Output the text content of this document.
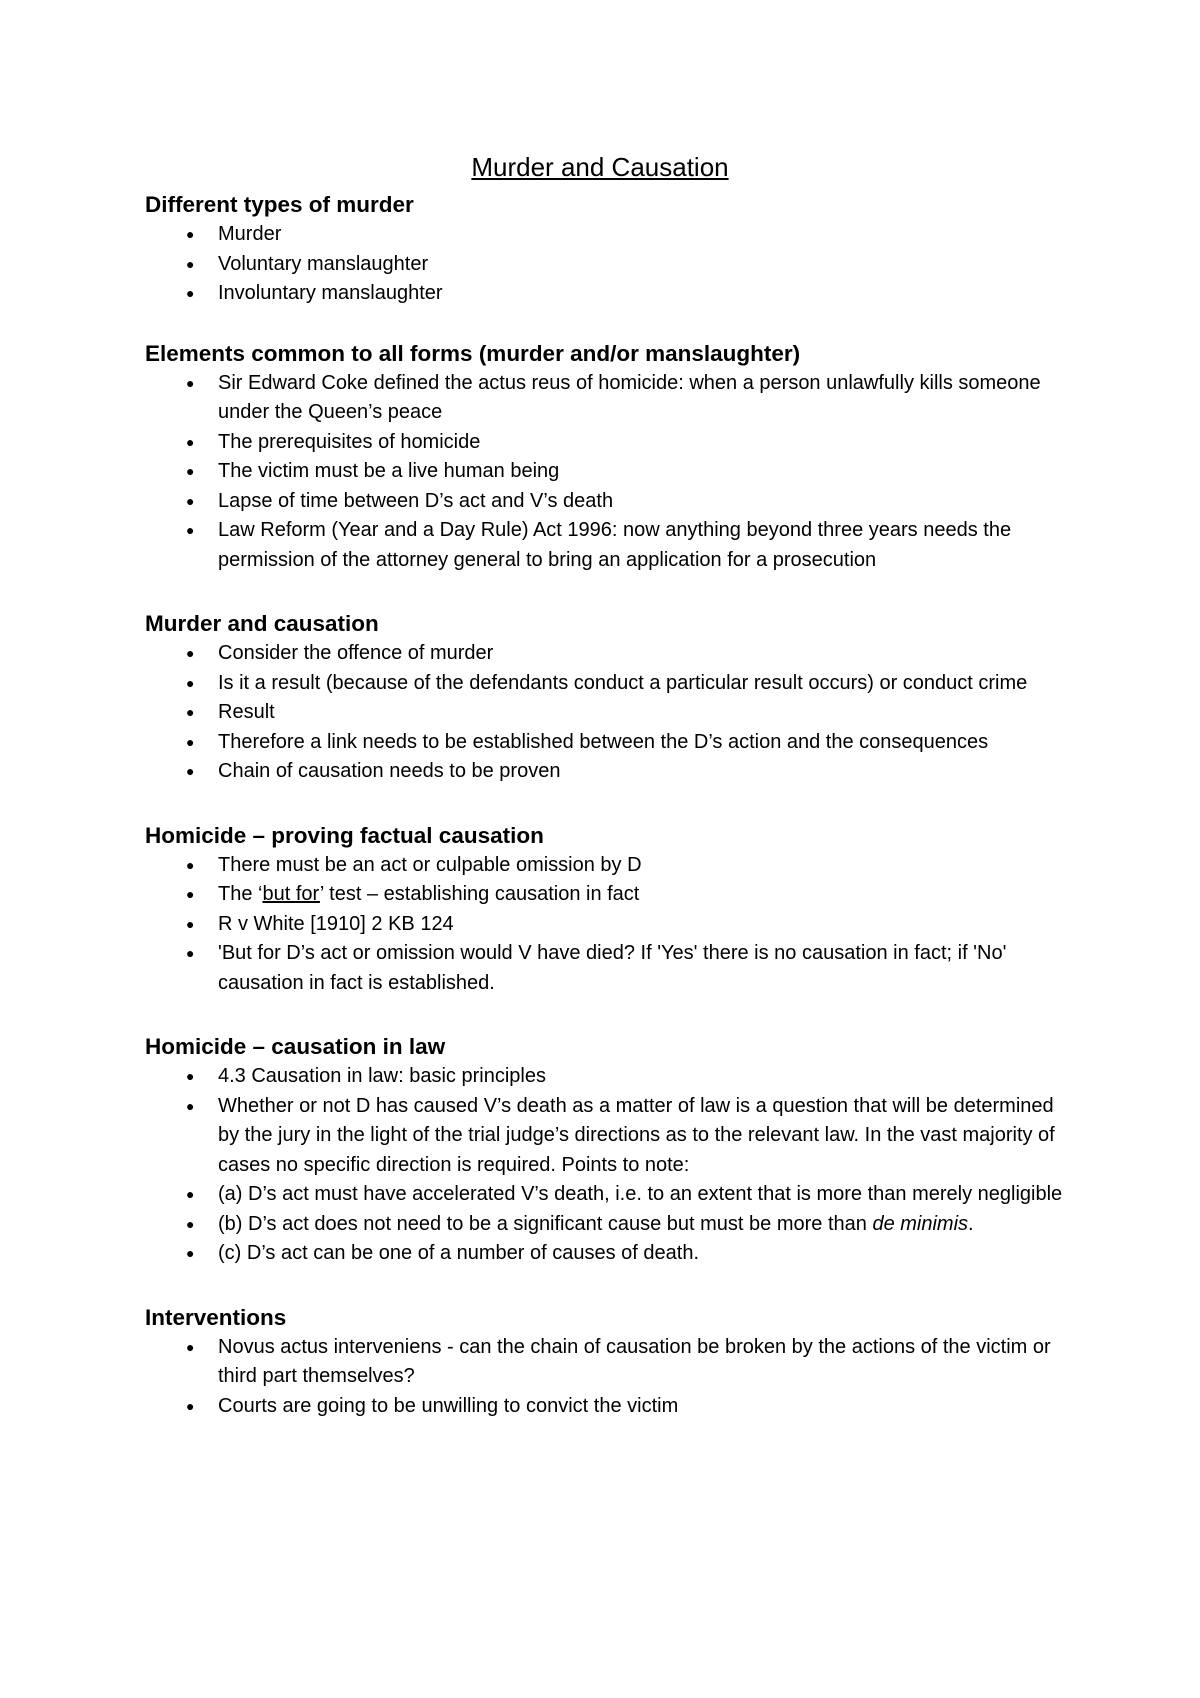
Murder and Causation
Different types of murder
● Murder
● Voluntary manslaughter
● Involuntary manslaughter
Elements common to all forms (murder and/or manslaughter)
● Sir Edward Coke defined the actus reus of homicide: when a person unlawfully kills someone under the Queen’s peace
● The prerequisites of homicide
● The victim must be a live human being
● Lapse of time between D’s act and V’s death
● Law Reform (Year and a Day Rule) Act 1996: now anything beyond three years needs the permission of the attorney general to bring an application for a prosecution
Murder and causation
● Consider the offence of murder
● Is it a result (because of the defendants conduct a particular result occurs) or conduct crime
● Result
● Therefore a link needs to be established between the D’s action and the consequences
● Chain of causation needs to be proven
Homicide – proving factual causation
● There must be an act or culpable omission by D
● The ‘but for’ test – establishing causation in fact
● R v White [1910] 2 KB 124
● 'But for D’s act or omission would V have died? If 'Yes' there is no causation in fact; if 'No' causation in fact is established.
Homicide – causation in law
● 4.3 Causation in law: basic principles
● Whether or not D has caused V’s death as a matter of law is a question that will be determined by the jury in the light of the trial judge’s directions as to the relevant law. In the vast majority of cases no specific direction is required. Points to note:
● (a) D’s act must have accelerated V’s death, i.e. to an extent that is more than merely negligible
● (b) D’s act does not need to be a significant cause but must be more than de minimis.
● (c) D’s act can be one of a number of causes of death.
Interventions
● Novus actus interveniens - can the chain of causation be broken by the actions of the victim or third part themselves?
● Courts are going to be unwilling to convict the victim
